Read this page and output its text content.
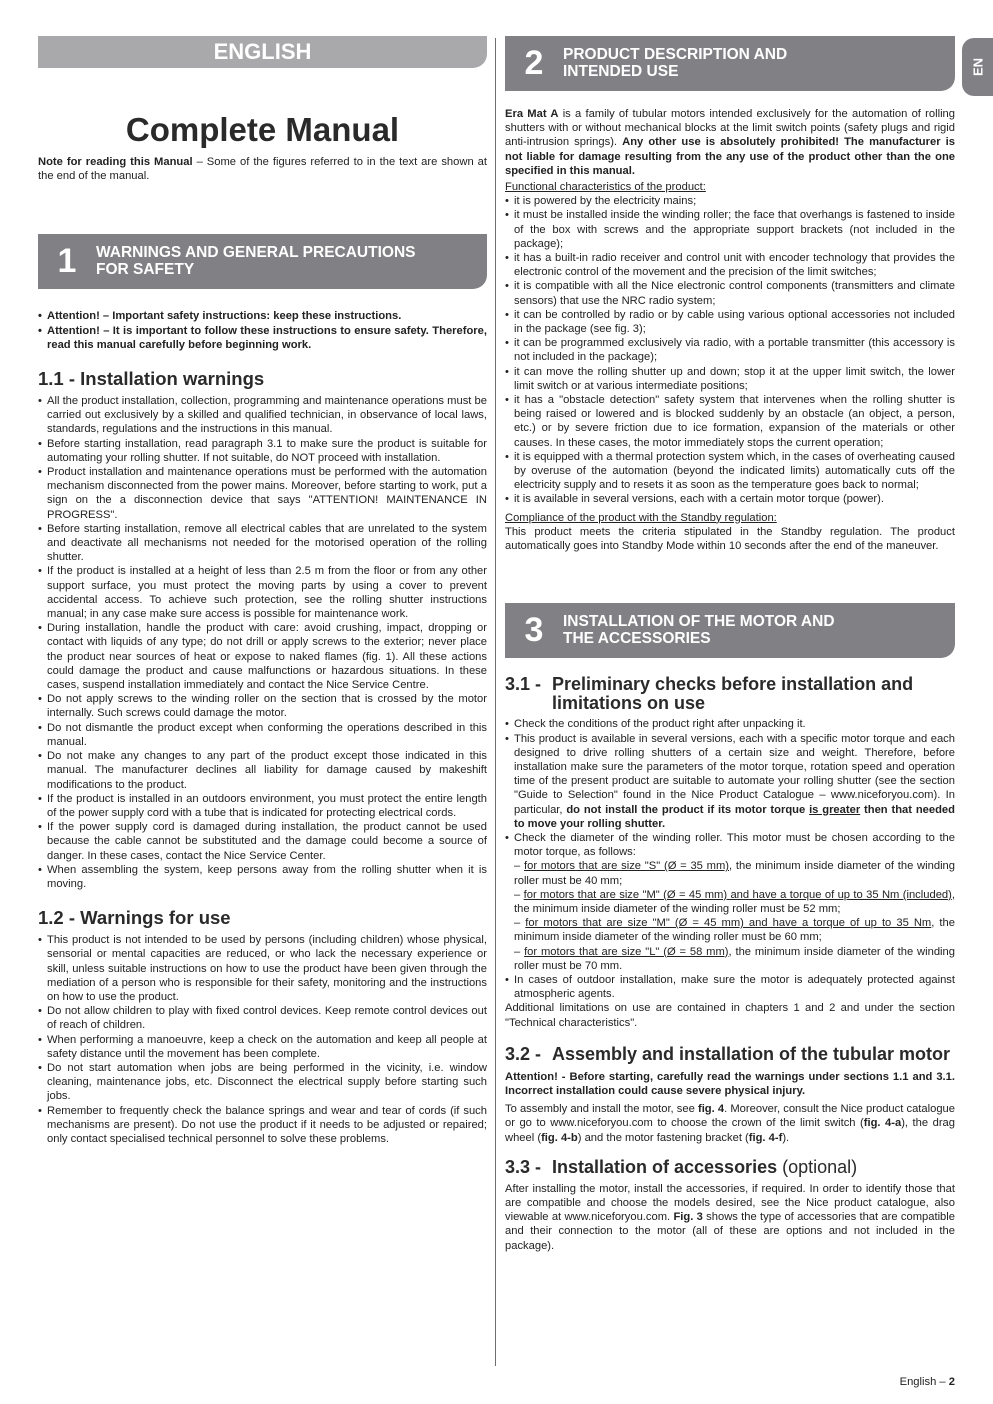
EN
ENGLISH
Complete Manual

Note for reading this Manual – Some of the figures referred to in the text are shown at the end of the manual.

1	WARNINGS AND GENERAL PRECAUTIONS FOR SAFETY
• Attention! – Important safety instructions: keep these instructions.
• Attention! – It is important to follow these instructions to ensure safety. Therefore, read this manual carefully before beginning work.
1.1 - Installation warnings
• All the product installation, collection, programming and maintenance operations must be carried out exclusively by a skilled and qualified technician, in observance of local laws, standards, regulations and the instructions in this manual.
• Before starting installation, read paragraph 3.1 to make sure the product is suitable for automating your rolling shutter. If not suitable, do NOT proceed with installation.
• Product installation and maintenance operations must be performed with the automation mechanism disconnected from the power mains. Moreover, before starting to work, put a sign on the a disconnection device that says "ATTENTION! MAINTENANCE IN PROGRESS".
• Before starting installation, remove all electrical cables that are unrelated to the system and deactivate all mechanisms not needed for the motorised operation of the rolling shutter.
• If the product is installed at a height of less than 2.5 m from the floor or from any other support surface, you must protect the moving parts by using a cover to prevent accidental access. To achieve such protection, see the rolling shutter instructions manual; in any case make sure access is possible for maintenance work.
• During installation, handle the product with care: avoid crushing, impact, dropping or contact with liquids of any type; do not drill or apply screws to the exterior; never place the product near sources of heat or expose to naked flames (fig. 1). All these actions could damage the product and cause malfunctions or hazardous situations. In these cases, suspend installation immediately and contact the Nice Service Centre.
• Do not apply screws to the winding roller on the section that is crossed by the motor internally. Such screws could damage the motor.
• Do not dismantle the product except when conforming the operations described in this manual.
• Do not make any changes to any part of the product except those indicated in this manual. The manufacturer declines all liability for damage caused by makeshift modifications to the product.
• If the product is installed in an outdoors environment, you must protect the entire length of the power supply cord with a tube that is indicated for protecting electrical cords.
• If the power supply cord is damaged during installation, the product cannot be used because the cable cannot be substituted and the damage could become a source of danger. In these cases, contact the Nice Service Center.
• When assembling the system, keep persons away from the rolling shutter when it is moving.
1.2 - Warnings for use
• This product is not intended to be used by persons (including children) whose physical, sensorial or mental capacities are reduced, or who lack the necessary experience or skill, unless suitable instructions on how to use the product have been given through the mediation of a person who is responsible for their safety, monitoring and the instructions on how to use the product.
• Do not allow children to play with fixed control devices. Keep remote control devices out of reach of children.
• When performing a manoeuvre, keep a check on the automation and keep all people at safety distance until the movement has been complete.
• Do not start automation when jobs are being performed in the vicinity, i.e. window cleaning, maintenance jobs, etc. Disconnect the electrical supply before starting such jobs.
• Remember to frequently check the balance springs and wear and tear of cords (if such mechanisms are present). Do not use the product if it needs to be adjusted or repaired; only contact specialised technical personnel to solve these problems.
2	PRODUCT DESCRIPTION AND INTENDED USE

Era Mat A is a family of tubular motors intended exclusively for the automation of rolling shutters with or without mechanical blocks at the limit switch points (safety plugs and rigid anti-intrusion springs). Any other use is absolutely prohibited! The manufacturer is not liable for damage resulting from the any use of the product other than the one specified in this manual.

Functional characteristics of the product:

• it is powered by the electricity mains;
• it must be installed inside the winding roller; the face that overhangs is fastened to inside of the box with screws and the appropriate support brackets (not included in the package);
• it has a built-in radio receiver and control unit with encoder technology that provides the electronic control of the movement and the precision of the limit switches;
• it is compatible with all the Nice electronic control components (transmitters and climate sensors) that use the NRC radio system;
• it can be controlled by radio or by cable using various optional accessories not included in the package (see fig. 3);
• it can be programmed exclusively via radio, with a portable transmitter (this accessory is not included in the package);
• it can move the rolling shutter up and down; stop it at the upper limit switch, the lower limit switch or at various intermediate positions;
• it has a "obstacle detection" safety system that intervenes when the rolling shutter is being raised or lowered and is blocked suddenly by an obstacle (an object, a person, etc.) or by severe friction due to ice formation, expansion of the materials or other causes. In these cases, the motor immediately stops the current operation;
• it is equipped with a thermal protection system which, in the cases of overheating caused by overuse of the automation (beyond the indicated limits) automatically cuts off the electricity supply and to resets it as soon as the temperature goes back to normal;
• it is available in several versions, each with a certain motor torque (power).

Compliance of the product with the Standby regulation:

This product meets the criteria stipulated in the Standby regulation. The product automatically goes into Standby Mode within 10 seconds after the end of the maneuver.

3	INSTALLATION OF THE MOTOR AND THE ACCESSORIES
3.1 - Preliminary checks before installation and limitations on use
• Check the conditions of the product right after unpacking it.
• This product is available in several versions, each with a specific motor torque and each designed to drive rolling shutters of a certain size and weight. Therefore, before installation make sure the parameters of the motor torque, rotation speed and operation time of the present product are suitable to automate your rolling shutter (see the section "Guide to Selection" found in the Nice Product Catalogue – www.niceforyou.com). In particular, do not install the product if its motor torque is greater then that needed to move your rolling shutter.
• Check the diameter of the winding roller. This motor must be chosen according to the motor torque, as follows:
– for motors that are size "S" (Ø = 35 mm), the minimum inside diameter of the winding roller must be 40 mm;
– for motors that are size "M" (Ø = 45 mm) and have a torque of up to 35 Nm (included), the minimum inside diameter of the winding roller must be 52 mm;
– for motors that are size "M" (Ø = 45 mm) and have a torque of up to 35 Nm, the minimum inside diameter of the winding roller must be 60 mm;
– for motors that are size "L" (Ø = 58 mm), the minimum inside diameter of the winding roller must be 70 mm.
• In cases of outdoor installation, make sure the motor is adequately protected against atmospheric agents.

Additional limitations on use are contained in chapters 1 and 2 and under the section "Technical characteristics".

3.2 - Assembly and installation of the tubular motor

Attention! - Before starting, carefully read the warnings under sections 1.1 and 3.1. Incorrect installation could cause severe physical injury.

To assembly and install the motor, see fig. 4. Moreover, consult the Nice product catalogue or go to www.niceforyou.com to choose the crown of the limit switch (fig. 4-a), the drag wheel (fig. 4-b) and the motor fastening bracket (fig. 4-f).

3.3 - Installation of accessories (optional)

After installing the motor, install the accessories, if required. In order to identify those that are compatible and choose the models desired, see the Nice product catalogue, also viewable at www.niceforyou.com. Fig. 3 shows the type of accessories that are compatible and their connection to the motor (all of these are options and not included in the package).

English – 2
